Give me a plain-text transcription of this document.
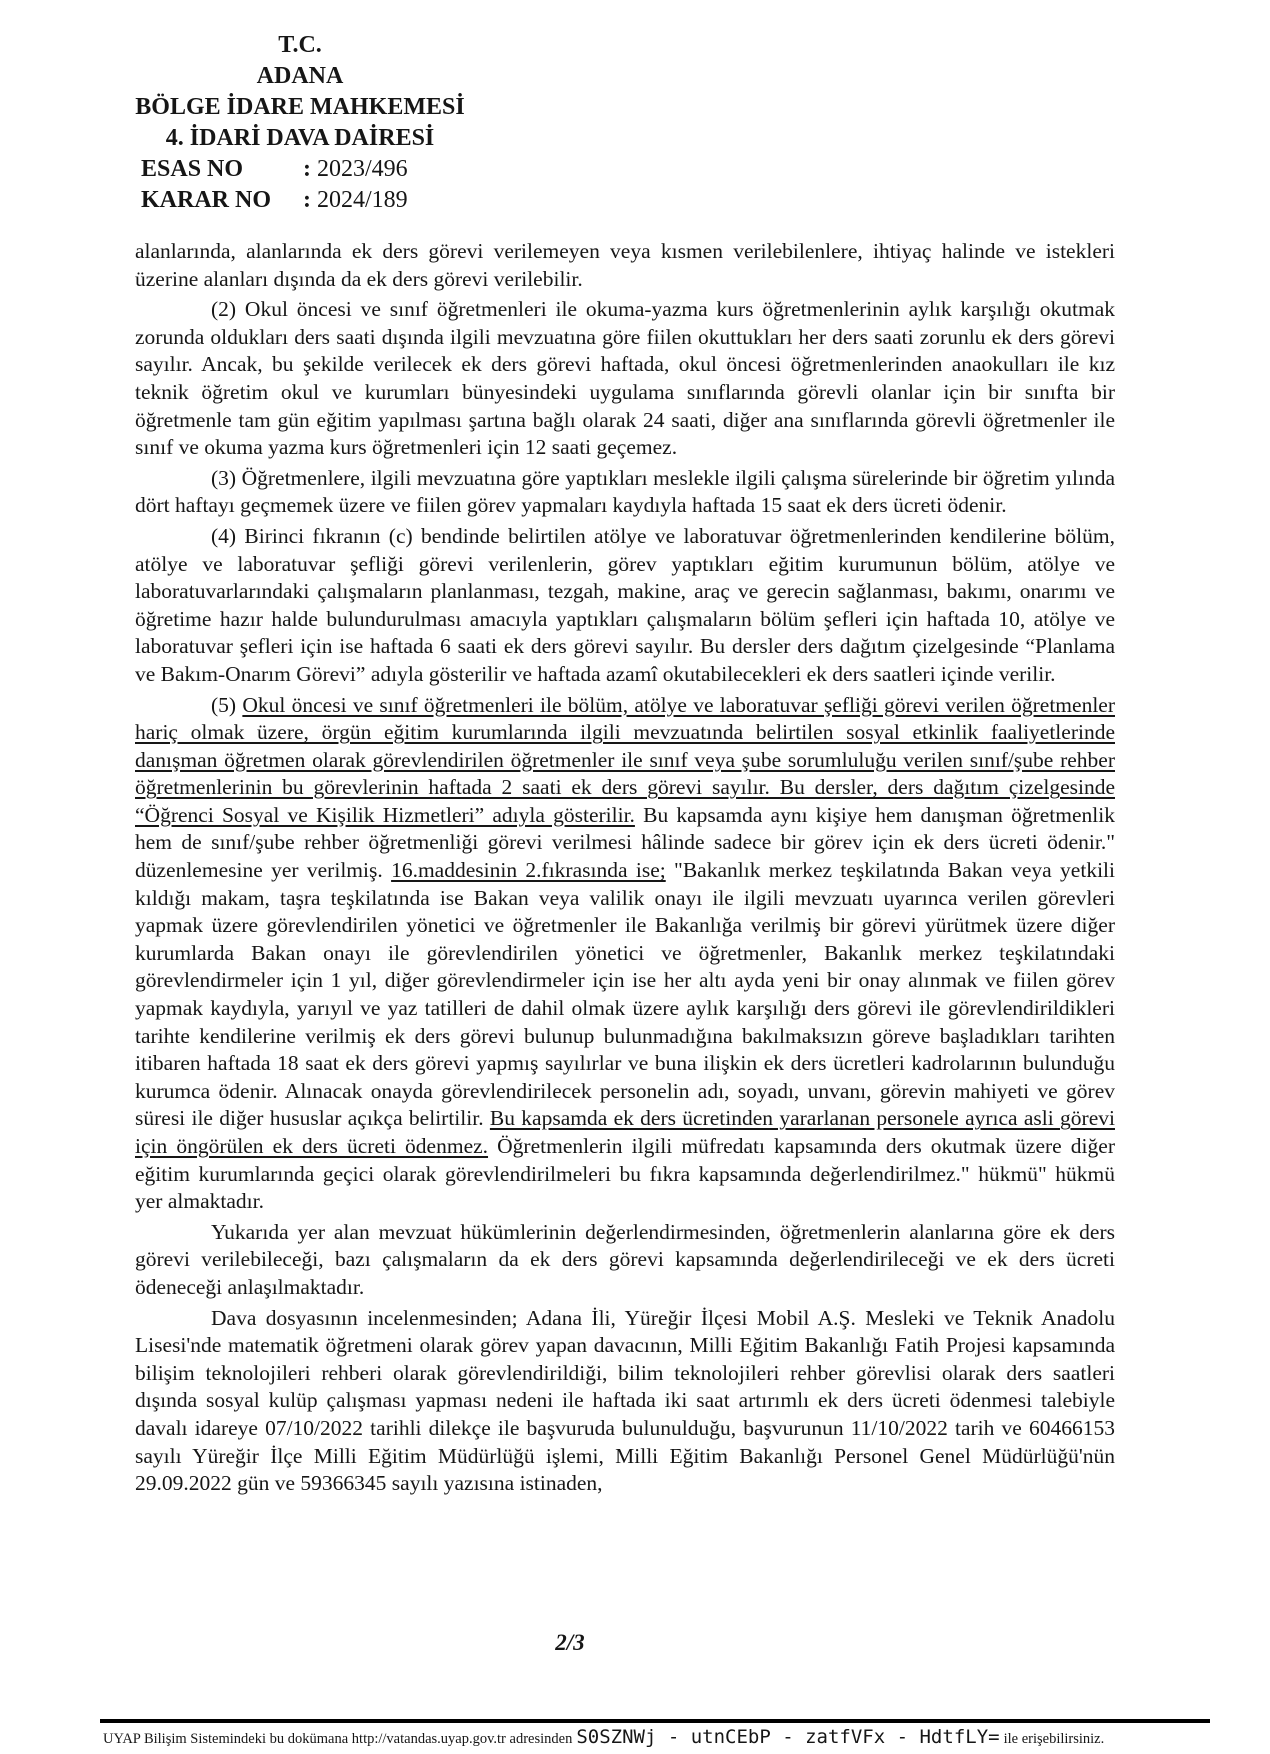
T.C.
ADANA
BÖLGE İDARE MAHKEMESİ
4. İDARİ DAVA DAİRESİ
ESAS NO : 2023/496
KARAR NO : 2024/189

alanlarında, alanlarında ek ders görevi verilemeyen veya kısmen verilebilenlere, ihtiyaç halinde ve istekleri üzerine alanları dışında da ek ders görevi verilebilir.

(2) Okul öncesi ve sınıf öğretmenleri ile okuma-yazma kurs öğretmenlerinin aylık karşılığı okutmak zorunda oldukları ders saati dışında ilgili mevzuatına göre fiilen okuttukları her ders saati zorunlu ek ders görevi sayılır. Ancak, bu şekilde verilecek ek ders görevi haftada, okul öncesi öğretmenlerinden anaokulları ile kız teknik öğretim okul ve kurumları bünyesindeki uygulama sınıflarında görevli olanlar için bir sınıfta bir öğretmenle tam gün eğitim yapılması şartına bağlı olarak 24 saati, diğer ana sınıflarında görevli öğretmenler ile sınıf ve okuma yazma kurs öğretmenleri için 12 saati geçemez.

(3) Öğretmenlere, ilgili mevzuatına göre yaptıkları meslekle ilgili çalışma sürelerinde bir öğretim yılında dört haftayı geçmemek üzere ve fiilen görev yapmaları kaydıyla haftada 15 saat ek ders ücreti ödenir.

(4) Birinci fıkranın (c) bendinde belirtilen atölye ve laboratuvar öğretmenlerinden kendilerine bölüm, atölye ve laboratuvar şefliği görevi verilenlerin, görev yaptıkları eğitim kurumunun bölüm, atölye ve laboratuvarlarındaki çalışmaların planlanması, tezgah, makine, araç ve gerecin sağlanması, bakımı, onarımı ve öğretime hazır halde bulundurulması amacıyla yaptıkları çalışmaların bölüm şefleri için haftada 10, atölye ve laboratuvar şefleri için ise haftada 6 saati ek ders görevi sayılır. Bu dersler ders dağıtım çizelgesinde “Planlama ve Bakım-Onarım Görevi” adıyla gösterilir ve haftada azamî okutabilecekleri ek ders saatleri içinde verilir.

(5) Okul öncesi ve sınıf öğretmenleri ile bölüm, atölye ve laboratuvar şefliği görevi verilen öğretmenler hariç olmak üzere, örgün eğitim kurumlarında ilgili mevzuatında belirtilen sosyal etkinlik faaliyetlerinde danışman öğretmen olarak görevlendirilen öğretmenler ile sınıf veya şube sorumluluğu verilen sınıf/şube rehber öğretmenlerinin bu görevlerinin haftada 2 saati ek ders görevi sayılır. Bu dersler, ders dağıtım çizelgesinde “Öğrenci Sosyal ve Kişilik Hizmetleri” adıyla gösterilir. Bu kapsamda aynı kişiye hem danışman öğretmenlik hem de sınıf/şube rehber öğretmenliği görevi verilmesi hâlinde sadece bir görev için ek ders ücreti ödenir." düzenlemesine yer verilmiş. 16.maddesinin 2.fıkrasında ise; "Bakanlık merkez teşkilatında Bakan veya yetkili kıldığı makam, taşra teşkilatında ise Bakan veya valilik onayı ile ilgili mevzuatı uyarınca verilen görevleri yapmak üzere görevlendirilen yönetici ve öğretmenler ile Bakanlığa verilmiş bir görevi yürütmek üzere diğer kurumlarda Bakan onayı ile görevlendirilen yönetici ve öğretmenler, Bakanlık merkez teşkilatındaki görevlendirmeler için 1 yıl, diğer görevlendirmeler için ise her altı ayda yeni bir onay alınmak ve fiilen görev yapmak kaydıyla, yarıyıl ve yaz tatilleri de dahil olmak üzere aylık karşılığı ders görevi ile görevlendirildikleri tarihte kendilerine verilmiş ek ders görevi bulunup bulunmadığına bakılmaksızın göreve başladıkları tarihten itibaren haftada 18 saat ek ders görevi yapmış sayılırlar ve buna ilişkin ek ders ücretleri kadrolarının bulunduğu kurumca ödenir. Alınacak onayda görevlendirilecek personelin adı, soyadı, unvanı, görevin mahiyeti ve görev süresi ile diğer hususlar açıkça belirtilir. Bu kapsamda ek ders ücretinden yararlanan personele ayrıca asli görevi için öngörülen ek ders ücreti ödenmez. Öğretmenlerin ilgili müfredatı kapsamında ders okutmak üzere diğer eğitim kurumlarında geçici olarak görevlendirilmeleri bu fıkra kapsamında değerlendirilmez." hükmü" hükmü yer almaktadır.

Yukarıda yer alan mevzuat hükümlerinin değerlendirmesinden, öğretmenlerin alanlarına göre ek ders görevi verilebileceği, bazı çalışmaların da ek ders görevi kapsamında değerlendirileceği ve ek ders ücreti ödeneceği anlaşılmaktadır.

Dava dosyasının incelenmesinden; Adana İli, Yüreğir İlçesi Mobil A.Ş. Mesleki ve Teknik Anadolu Lisesi'nde matematik öğretmeni olarak görev yapan davacının, Milli Eğitim Bakanlığı Fatih Projesi kapsamında bilişim teknolojileri rehberi olarak görevlendirildiği, bilim teknolojileri rehber görevlisi olarak ders saatleri dışında sosyal kulüp çalışması yapması nedeni ile haftada iki saat artırımlı ek ders ücreti ödenmesi talebiyle davalı idareye 07/10/2022 tarihli dilekçe ile başvuruda bulunulduğu, başvurunun 11/10/2022 tarih ve 60466153 sayılı Yüreğir İlçe Milli Eğitim Müdürlüğü işlemi, Milli Eğitim Bakanlığı Personel Genel Müdürlüğü'nün 29.09.2022 gün ve 59366345 sayılı yazısına istinaden,

2/3
UYAP Bilişim Sistemindeki bu dokümana http://vatandas.uyap.gov.tr adresinden S0SZNWj - utnCEbP - zatfVFx - HdtfLY= ile erişebilirsiniz.
